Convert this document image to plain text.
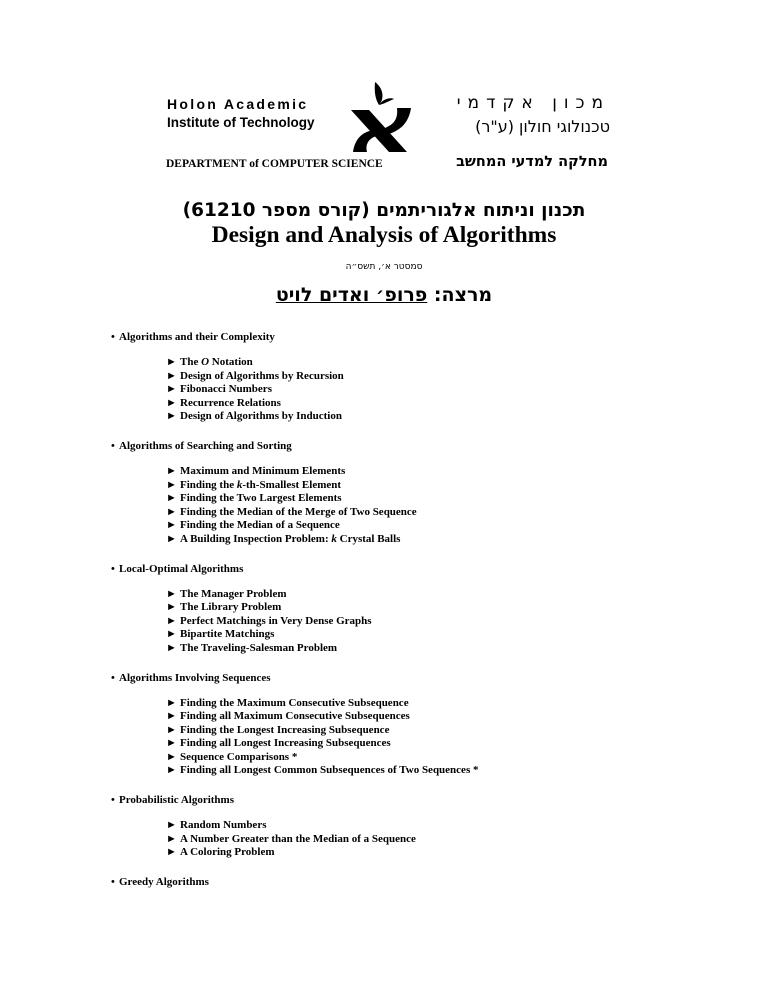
Holon Academic
Institute of Technology
מכון אקדמי
טכנולוגי חולון (ע"ר)
DEPARTMENT of COMPUTER SCIENCE	מחלקה למדעי המחשב
תכנון וניתוח אלגוריתמים (קורס מספר 61210)
Design and Analysis of Algorithms
סמסטר א׳, תשס״ה
מרצה: פרופ׳ ואדים לויט
• Algorithms and their Complexity
► The O Notation
► Design of Algorithms by Recursion
► Fibonacci Numbers
► Recurrence Relations
► Design of Algorithms by Induction
• Algorithms of Searching and Sorting
► Maximum and Minimum Elements
► Finding the k-th-Smallest Element
► Finding the Two Largest Elements
► Finding the Median of the Merge of Two Sequence
► Finding the Median of a Sequence
► A Building Inspection Problem: k Crystal Balls
• Local-Optimal Algorithms
► The Manager Problem
► The Library Problem
► Perfect Matchings in Very Dense Graphs
► Bipartite Matchings
► The Traveling-Salesman Problem
• Algorithms Involving Sequences
► Finding the Maximum Consecutive Subsequence
► Finding all Maximum Consecutive Subsequences
► Finding the Longest Increasing Subsequence
► Finding all Longest Increasing Subsequences
► Sequence Comparisons *
► Finding all Longest Common Subsequences of Two Sequences *
• Probabilistic Algorithms
► Random Numbers
► A Number Greater than the Median of a Sequence
► A Coloring Problem
• Greedy Algorithms
